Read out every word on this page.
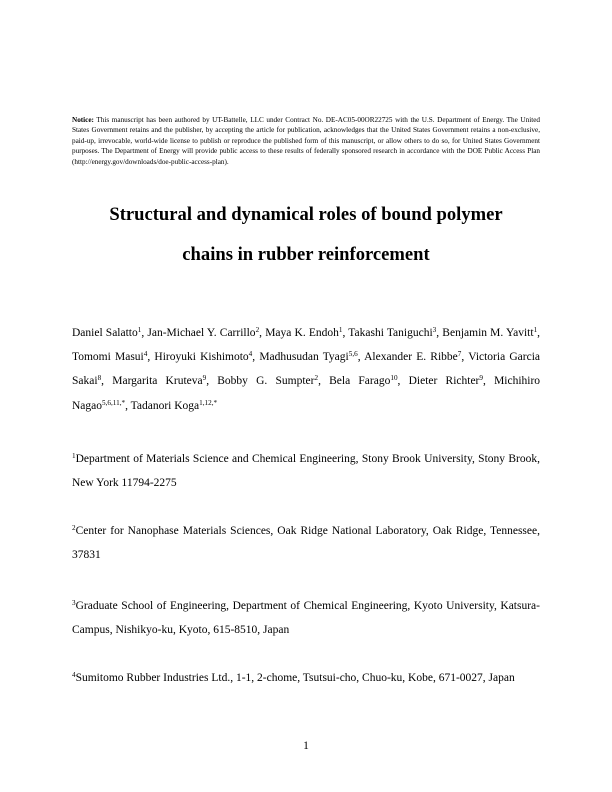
Notice: This manuscript has been authored by UT-Battelle, LLC under Contract No. DE-AC05-00OR22725 with the U.S. Department of Energy. The United States Government retains and the publisher, by accepting the article for publication, acknowledges that the United States Government retains a non-exclusive, paid-up, irrevocable, world-wide license to publish or reproduce the published form of this manuscript, or allow others to do so, for United States Government purposes. The Department of Energy will provide public access to these results of federally sponsored research in accordance with the DOE Public Access Plan (http://energy.gov/downloads/doe-public-access-plan).
Structural and dynamical roles of bound polymer
chains in rubber reinforcement
Daniel Salatto$^1$, Jan-Michael Y. Carrillo$^2$, Maya K. Endoh$^1$, Takashi Taniguchi$^3$, Benjamin M. Yavitt$^1$, Tomomi Masui$^4$, Hiroyuki Kishimoto$^4$, Madhusudan Tyagi$^{5,6}$, Alexander E. Ribbe$^7$, Victoria Garcia Sakai$^8$, Margarita Kruteva$^9$, Bobby G. Sumpter$^2$, Bela Farago$^{10}$, Dieter Richter$^9$, Michihiro Nagao$^{5,6,11,*}$, Tadanori Koga$^{1,12,*}$
$^1$Department of Materials Science and Chemical Engineering, Stony Brook University, Stony Brook, New York 11794-2275
$^2$Center for Nanophase Materials Sciences, Oak Ridge National Laboratory, Oak Ridge, Tennessee, 37831
$^3$Graduate School of Engineering, Department of Chemical Engineering, Kyoto University, Katsura-Campus, Nishikyo-ku, Kyoto, 615-8510, Japan
$^4$Sumitomo Rubber Industries Ltd., 1-1, 2-chome, Tsutsui-cho, Chuo-ku, Kobe, 671-0027, Japan
1
